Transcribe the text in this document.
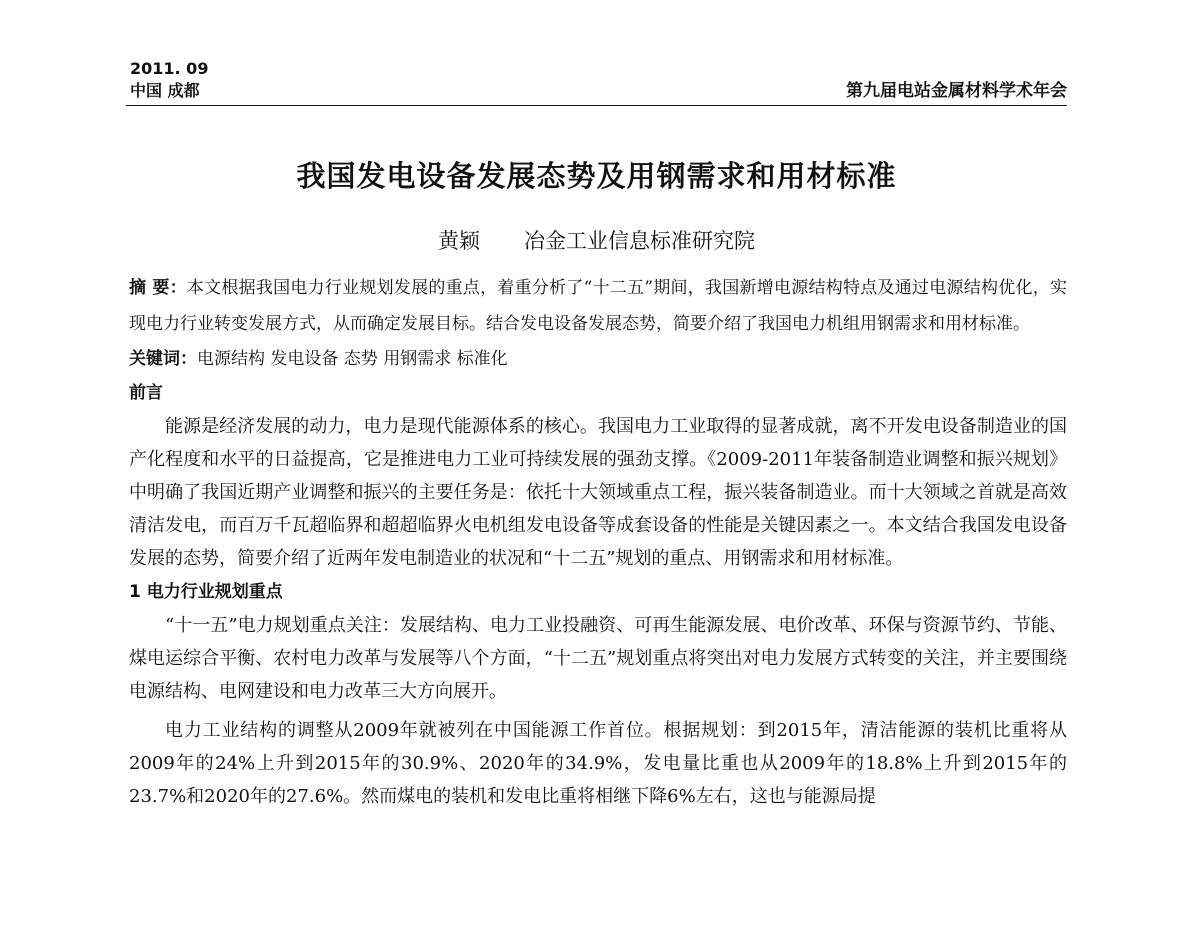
2011. 09
中国 成都	第九届电站金属材料学术年会
我国发电设备发展态势及用钢需求和用材标准
黄颖 冶金工业信息标准研究院

摘 要：本文根据我国电力行业规划发展的重点，着重分析了“十二五”期间，我国新增电源结构特点及通过电源结构优化，实现电力行业转变发展方式，从而确定发展目标。结合发电设备发展态势，简要介绍了我国电力机组用钢需求和用材标准。

关键词：电源结构 发电设备 态势 用钢需求 标准化

前言

能源是经济发展的动力，电力是现代能源体系的核心。我国电力工业取得的显著成就，离不开发电设备制造业的国产化程度和水平的日益提高，它是推进电力工业可持续发展的强劲支撑。《2009-2011年装备制造业调整和振兴规划》中明确了我国近期产业调整和振兴的主要任务是：依托十大领域重点工程，振兴装备制造业。而十大领域之首就是高效清洁发电，而百万千瓦超临界和超超临界火电机组发电设备等成套设备的性能是关键因素之一。本文结合我国发电设备发展的态势，简要介绍了近两年发电制造业的状况和“十二五”规划的重点、用钢需求和用材标准。

1 电力行业规划重点

“十一五”电力规划重点关注：发展结构、电力工业投融资、可再生能源发展、电价改革、环保与资源节约、节能、煤电运综合平衡、农村电力改革与发展等八个方面，“十二五”规划重点将突出对电力发展方式转变的关注，并主要围绕电源结构、电网建设和电力改革三大方向展开。

电力工业结构的调整从2009年就被列在中国能源工作首位。根据规划：到2015年，清洁能源的装机比重将从2009年的24%上升到2015年的30.9%、2020年的34.9%，发电量比重也从2009年的18.8%上升到2015年的23.7%和2020年的27.6%。然而煤电的装机和发电比重将相继下降6%左右，这也与能源局提
